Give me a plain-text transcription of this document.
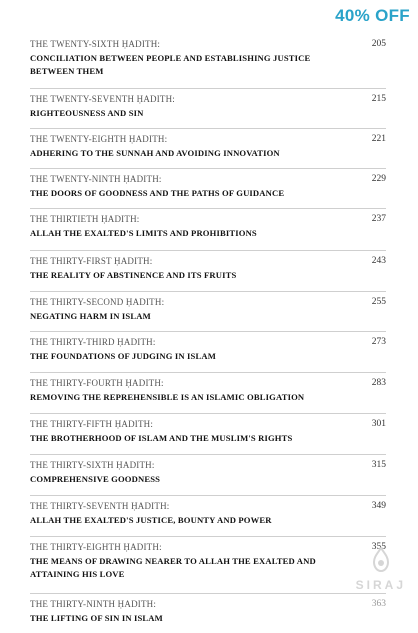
40% OFF
THE TWENTY-SIXTH ḤADITH:
CONCILIATION BETWEEN PEOPLE AND ESTABLISHING JUSTICE BETWEEN THEM
205
THE TWENTY-SEVENTH ḤADITH:
RIGHTEOUSNESS AND SIN
215
THE TWENTY-EIGHTH ḤADITH:
ADHERING TO THE SUNNAH AND AVOIDING INNOVATION
221
THE TWENTY-NINTH ḤADITH:
THE DOORS OF GOODNESS AND THE PATHS OF GUIDANCE
229
THE THIRTIETH ḤADITH:
ALLAH THE EXALTED'S LIMITS AND PROHIBITIONS
237
THE THIRTY-FIRST ḤADITH:
THE REALITY OF ABSTINENCE AND ITS FRUITS
243
THE THIRTY-SECOND ḤADITH:
NEGATING HARM IN ISLAM
255
THE THIRTY-THIRD ḤADITH:
THE FOUNDATIONS OF JUDGING IN ISLAM
273
THE THIRTY-FOURTH ḤADITH:
REMOVING THE REPREHENSIBLE IS AN ISLAMIC OBLIGATION
283
THE THIRTY-FIFTH ḤADITH:
THE BROTHERHOOD OF ISLAM AND THE MUSLIM'S RIGHTS
301
THE THIRTY-SIXTH ḤADITH:
COMPREHENSIVE GOODNESS
315
THE THIRTY-SEVENTH ḤADITH:
ALLAH THE EXALTED'S JUSTICE, BOUNTY AND POWER
349
THE THIRTY-EIGHTH ḤADITH:
THE MEANS OF DRAWING NEARER TO ALLAH THE EXALTED AND ATTAINING HIS LOVE
355
THE THIRTY-NINTH ḤADITH:
THE LIFTING OF SIN IN ISLAM
363
SIRAJ
